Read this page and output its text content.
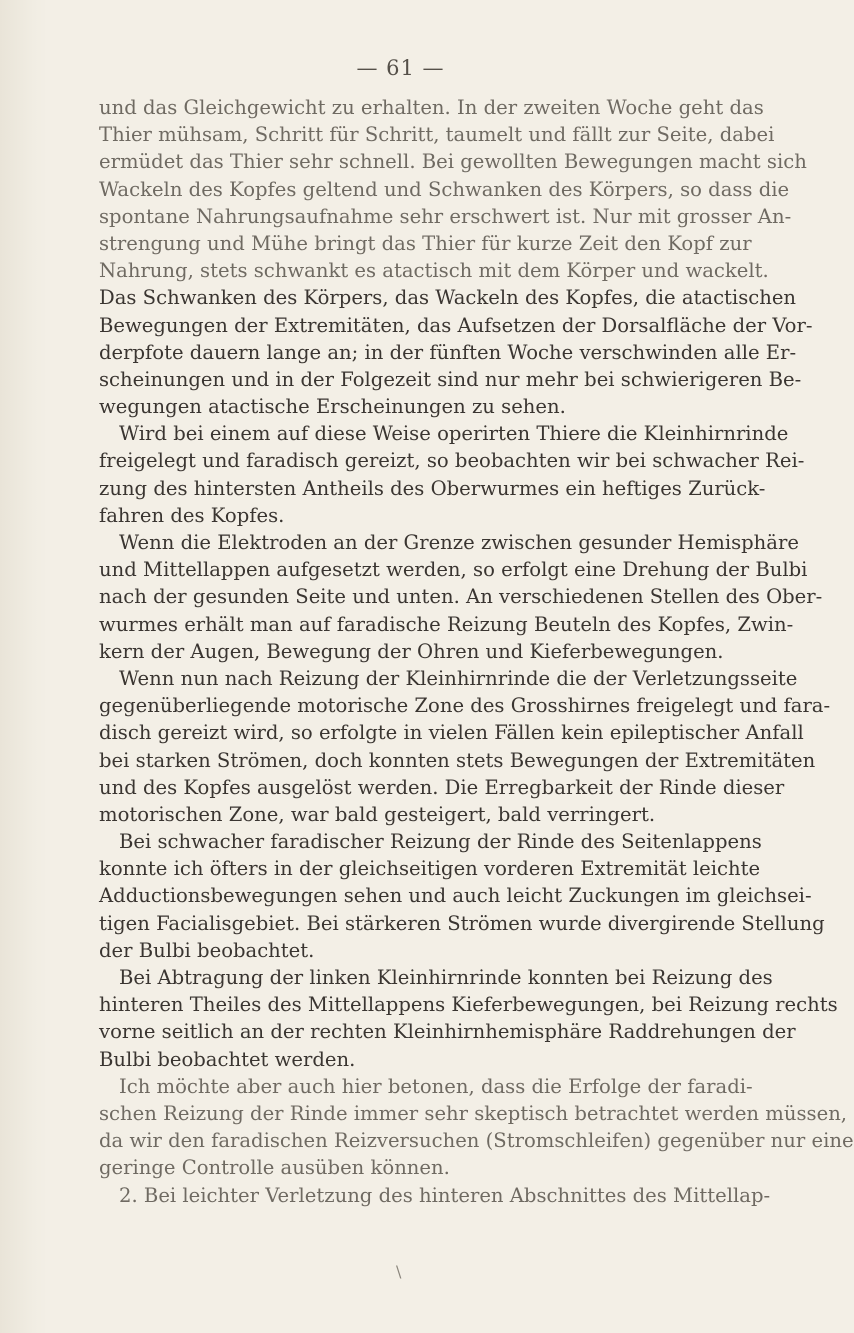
— 61 —
und das Gleichgewicht zu erhalten. In der zweiten Woche geht das
Thier mühsam, Schritt für Schritt, taumelt und fällt zur Seite, dabei
ermüdet das Thier sehr schnell. Bei gewollten Bewegungen macht sich
Wackeln des Kopfes geltend und Schwanken des Körpers, so dass die
spontane Nahrungsaufnahme sehr erschwert ist. Nur mit grosser An-
strengung und Mühe bringt das Thier für kurze Zeit den Kopf zur
Nahrung, stets schwankt es atactisch mit dem Körper und wackelt.
Das Schwanken des Körpers, das Wackeln des Kopfes, die atactischen
Bewegungen der Extremitäten, das Aufsetzen der Dorsalfläche der Vor-
derpfote dauern lange an; in der fünften Woche verschwinden alle Er-
scheinungen und in der Folgezeit sind nur mehr bei schwierigeren Be-
wegungen atactische Erscheinungen zu sehen.
Wird bei einem auf diese Weise operirten Thiere die Kleinhirnrinde
freigelegt und faradisch gereizt, so beobachten wir bei schwacher Rei-
zung des hintersten Antheils des Oberwurmes ein heftiges Zurück-
fahren des Kopfes.
Wenn die Elektroden an der Grenze zwischen gesunder Hemisphäre
und Mittellappen aufgesetzt werden, so erfolgt eine Drehung der Bulbi
nach der gesunden Seite und unten. An verschiedenen Stellen des Ober-
wurmes erhält man auf faradische Reizung Beuteln des Kopfes, Zwin-
kern der Augen, Bewegung der Ohren und Kieferbewegungen.
Wenn nun nach Reizung der Kleinhirnrinde die der Verletzungsseite
gegenüberliegende motorische Zone des Grosshirnes freigelegt und fara-
disch gereizt wird, so erfolgte in vielen Fällen kein epileptischer Anfall
bei starken Strömen, doch konnten stets Bewegungen der Extremitäten
und des Kopfes ausgelöst werden. Die Erregbarkeit der Rinde dieser
motorischen Zone, war bald gesteigert, bald verringert.
Bei schwacher faradischer Reizung der Rinde des Seitenlappens
konnte ich öfters in der gleichseitigen vorderen Extremität leichte
Adductionsbewegungen sehen und auch leicht Zuckungen im gleichsei-
tigen Facialisgebiet. Bei stärkeren Strömen wurde divergirende Stellung
der Bulbi beobachtet.
Bei Abtragung der linken Kleinhirnrinde konnten bei Reizung des
hinteren Theiles des Mittellappens Kieferbewegungen, bei Reizung rechts
vorne seitlich an der rechten Kleinhirnhemisphäre Raddrehungen der
Bulbi beobachtet werden.
Ich möchte aber auch hier betonen, dass die Erfolge der faradi-
schen Reizung der Rinde immer sehr skeptisch betrachtet werden müssen,
da wir den faradischen Reizversuchen (Stromschleifen) gegenüber nur eine
geringe Controlle ausüben können.
2. Bei leichter Verletzung des hinteren Abschnittes des Mittellap-
\
